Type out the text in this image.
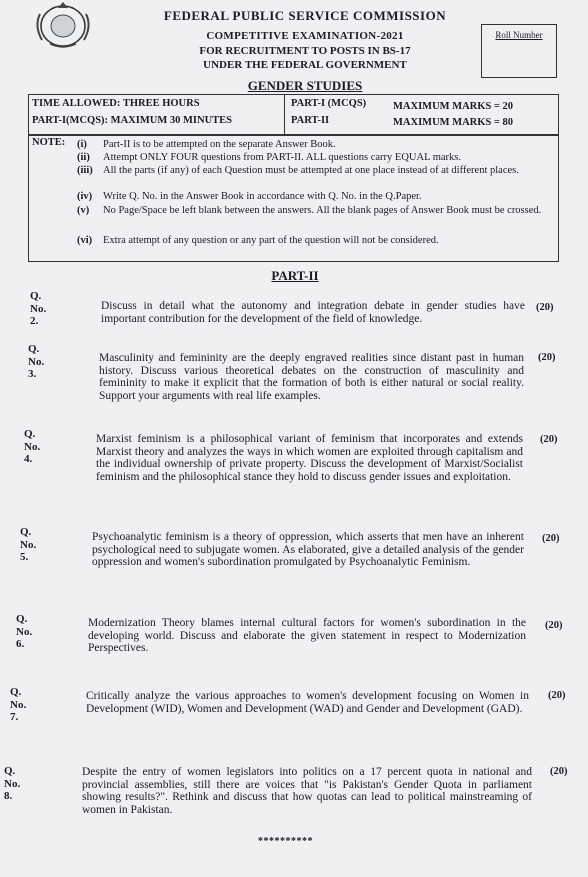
FEDERAL PUBLIC SERVICE COMMISSION
COMPETITIVE EXAMINATION-2021
FOR RECRUITMENT TO POSTS IN BS-17
UNDER THE FEDERAL GOVERNMENT
Roll Number
GENDER STUDIES
TIME ALLOWED: THREE HOURS
PART-I(MCQS): MAXIMUM 30 MINUTES
PART-I (MCQS)
PART-II
MAXIMUM MARKS = 20
MAXIMUM MARKS = 80
NOTE: (i) Part-II is to be attempted on the separate Answer Book.
(ii) Attempt ONLY FOUR questions from PART-II. ALL questions carry EQUAL marks.
(iii) All the parts (if any) of each Question must be attempted at one place instead of at different places.
(iv) Write Q. No. in the Answer Book in accordance with Q. No. in the Q.Paper.
(v) No Page/Space be left blank between the answers. All the blank pages of Answer Book must be crossed.
(vi) Extra attempt of any question or any part of the question will not be considered.
PART-II
Q. No. 2.
Discuss in detail what the autonomy and integration debate in gender studies have important contribution for the development of the field of knowledge.
(20)
Q. No. 3.
Masculinity and femininity are the deeply engraved realities since distant past in human history. Discuss various theoretical debates on the construction of masculinity and femininity to make it explicit that the formation of both is either natural or social reality. Support your arguments with real life examples.
(20)
Q. No. 4.
Marxist feminism is a philosophical variant of feminism that incorporates and extends Marxist theory and analyzes the ways in which women are exploited through capitalism and the individual ownership of private property. Discuss the development of Marxist/Socialist feminism and the philosophical stance they hold to discuss gender issues and exploitation.
(20)
Q. No. 5.
Psychoanalytic feminism is a theory of oppression, which asserts that men have an inherent psychological need to subjugate women. As elaborated, give a detailed analysis of the gender oppression and women's subordination promulgated by Psychoanalytic Feminism.
(20)
Q. No. 6.
Modernization Theory blames internal cultural factors for women's subordination in the developing world. Discuss and elaborate the given statement in respect to Modernization Perspectives.
(20)
Q. No. 7.
Critically analyze the various approaches to women's development focusing on Women in Development (WID), Women and Development (WAD) and Gender and Development (GAD).
(20)
Q. No. 8.
Despite the entry of women legislators into politics on a 17 percent quota in national and provincial assemblies, still there are voices that "is Pakistan's Gender Quota in parliament showing results?". Rethink and discuss that how quotas can lead to political mainstreaming of women in Pakistan.
(20)
**********
